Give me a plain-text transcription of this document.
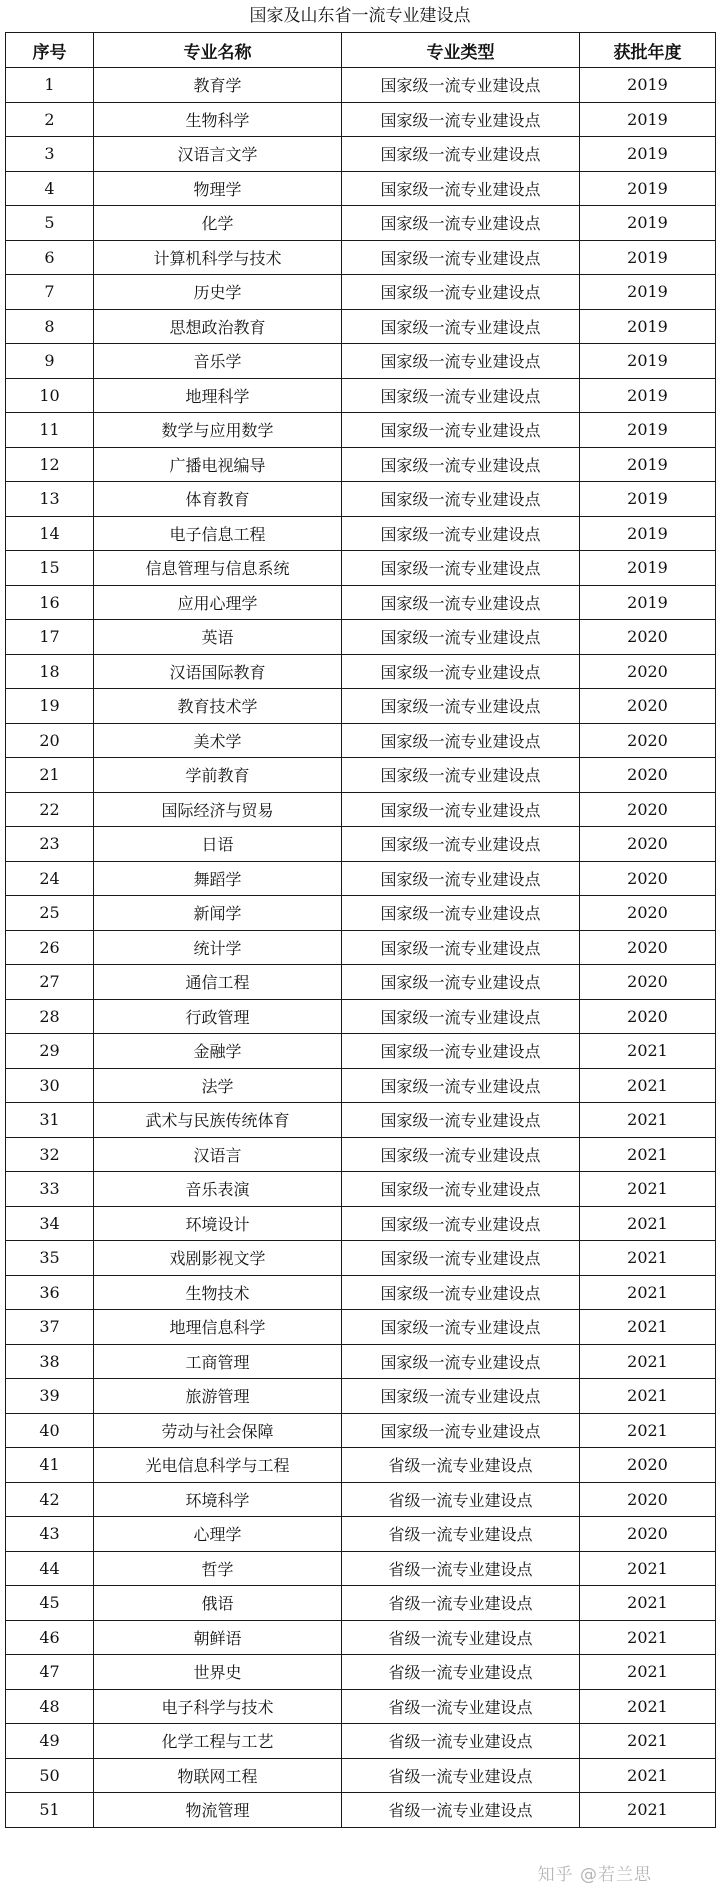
国家及山东省一流专业建设点
序号	专业名称	专业类型	获批年度
1	教育学	国家级一流专业建设点	2019
2	生物科学	国家级一流专业建设点	2019
3	汉语言文学	国家级一流专业建设点	2019
4	物理学	国家级一流专业建设点	2019
5	化学	国家级一流专业建设点	2019
6	计算机科学与技术	国家级一流专业建设点	2019
7	历史学	国家级一流专业建设点	2019
8	思想政治教育	国家级一流专业建设点	2019
9	音乐学	国家级一流专业建设点	2019
10	地理科学	国家级一流专业建设点	2019
11	数学与应用数学	国家级一流专业建设点	2019
12	广播电视编导	国家级一流专业建设点	2019
13	体育教育	国家级一流专业建设点	2019
14	电子信息工程	国家级一流专业建设点	2019
15	信息管理与信息系统	国家级一流专业建设点	2019
16	应用心理学	国家级一流专业建设点	2019
17	英语	国家级一流专业建设点	2020
18	汉语国际教育	国家级一流专业建设点	2020
19	教育技术学	国家级一流专业建设点	2020
20	美术学	国家级一流专业建设点	2020
21	学前教育	国家级一流专业建设点	2020
22	国际经济与贸易	国家级一流专业建设点	2020
23	日语	国家级一流专业建设点	2020
24	舞蹈学	国家级一流专业建设点	2020
25	新闻学	国家级一流专业建设点	2020
26	统计学	国家级一流专业建设点	2020
27	通信工程	国家级一流专业建设点	2020
28	行政管理	国家级一流专业建设点	2020
29	金融学	国家级一流专业建设点	2021
30	法学	国家级一流专业建设点	2021
31	武术与民族传统体育	国家级一流专业建设点	2021
32	汉语言	国家级一流专业建设点	2021
33	音乐表演	国家级一流专业建设点	2021
34	环境设计	国家级一流专业建设点	2021
35	戏剧影视文学	国家级一流专业建设点	2021
36	生物技术	国家级一流专业建设点	2021
37	地理信息科学	国家级一流专业建设点	2021
38	工商管理	国家级一流专业建设点	2021
39	旅游管理	国家级一流专业建设点	2021
40	劳动与社会保障	国家级一流专业建设点	2021
41	光电信息科学与工程	省级一流专业建设点	2020
42	环境科学	省级一流专业建设点	2020
43	心理学	省级一流专业建设点	2020
44	哲学	省级一流专业建设点	2021
45	俄语	省级一流专业建设点	2021
46	朝鲜语	省级一流专业建设点	2021
47	世界史	省级一流专业建设点	2021
48	电子科学与技术	省级一流专业建设点	2021
49	化学工程与工艺	省级一流专业建设点	2021
50	物联网工程	省级一流专业建设点	2021
51	物流管理	省级一流专业建设点	2021
知乎 @若兰思
